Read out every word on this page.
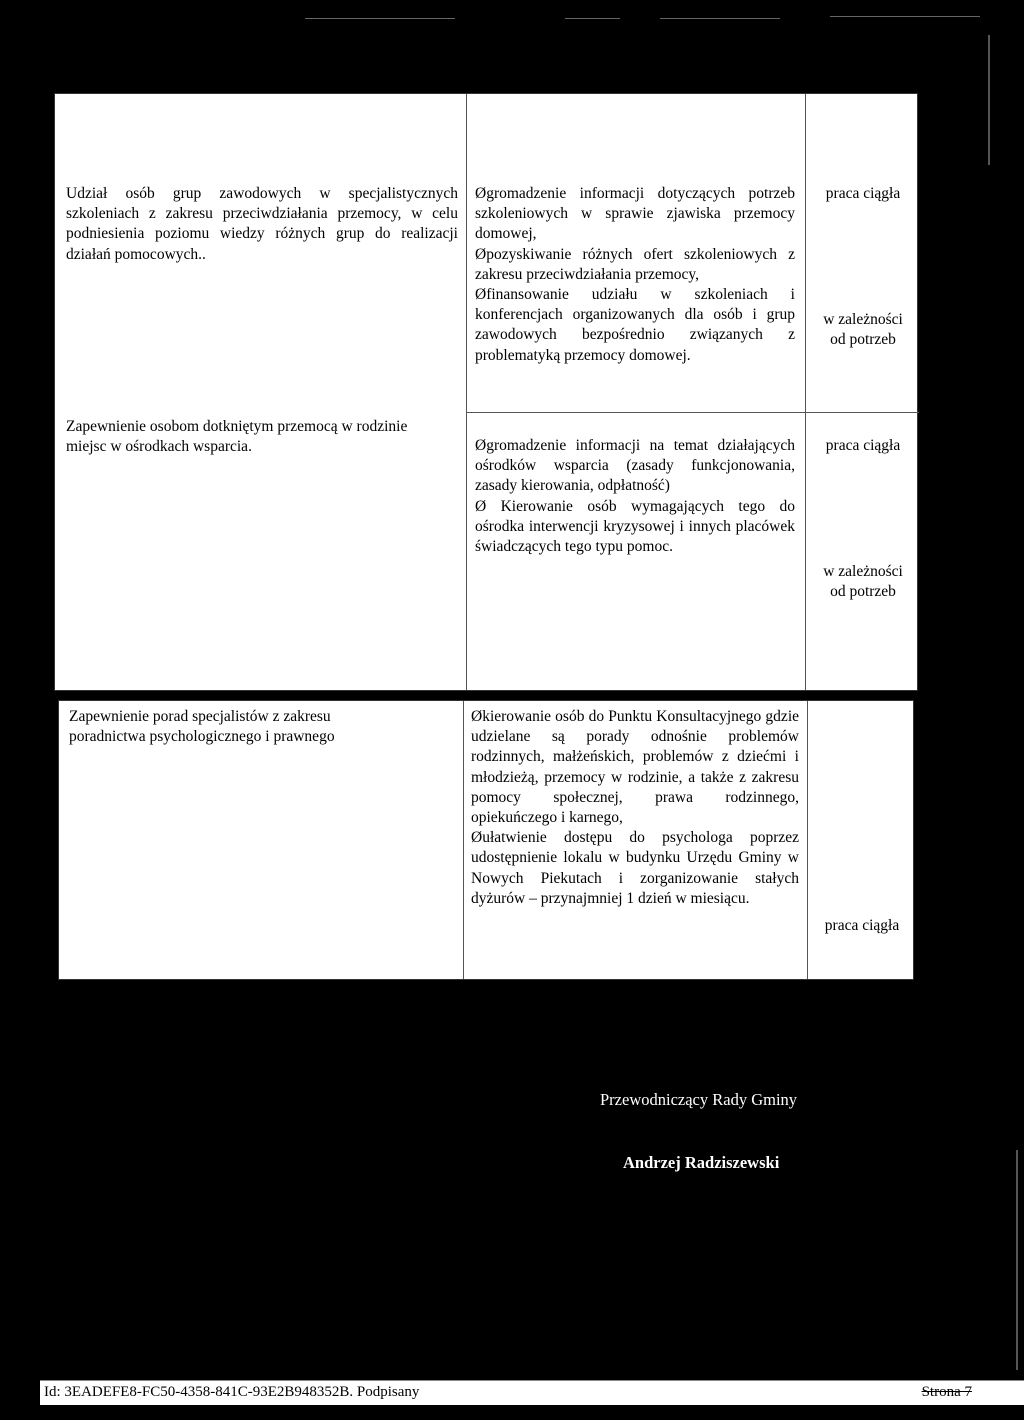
Udział osób grup zawodowych w specjalistycznych szkoleniach z zakresu przeciwdziałania przemocy, w celu podniesienia poziomu wiedzy różnych grup do realizacji działań pomocowych..

Øgromadzenie informacji dotyczących potrzeb szkoleniowych w sprawie zjawiska przemocy domowej,

Øpozyskiwanie różnych ofert szkoleniowych z zakresu przeciwdziałania przemocy,

Øfinansowanie udziału w szkoleniach i konferencjach organizowanych dla osób i grup zawodowych bezpośrednio związanych z problematyką przemocy domowej.

praca ciągła
w zależności
od potrzeb

Zapewnienie osobom dotkniętym przemocą w rodzinie miejsc w ośrodkach wsparcia.	Øgromadzenie informacji na temat działających ośrodków wsparcia (zasady funkcjonowania, zasady kierowania, odpłatność)

Ø Kierowanie osób wymagających tego do ośrodka interwencji kryzysowej i innych placówek świadczących tego typu pomoc.

praca ciągła
w zależności
od potrzeb

Zapewnienie porad specjalistów z zakresu poradnictwa psychologicznego i prawnego

Økierowanie osób do Punktu Konsultacyjnego gdzie udzielane są porady odnośnie problemów rodzinnych, małżeńskich, problemów z dziećmi i młodzieżą, przemocy w rodzinie, a także z zakresu pomocy społecznej, prawa rodzinnego, opiekuńczego i karnego,

Øułatwienie dostępu do psychologa poprzez udostępnienie lokalu w budynku Urzędu Gminy w Nowych Piekutach i zorganizowanie stałych dyżurów – przynajmniej 1 dzień w miesiącu.

praca ciągła
Przewodniczący Rady Gminy
Andrzej Radziszewski
Id: 3EADEFE8-FC50-4358-841C-93E2B948352B. Podpisany	Strona 7
